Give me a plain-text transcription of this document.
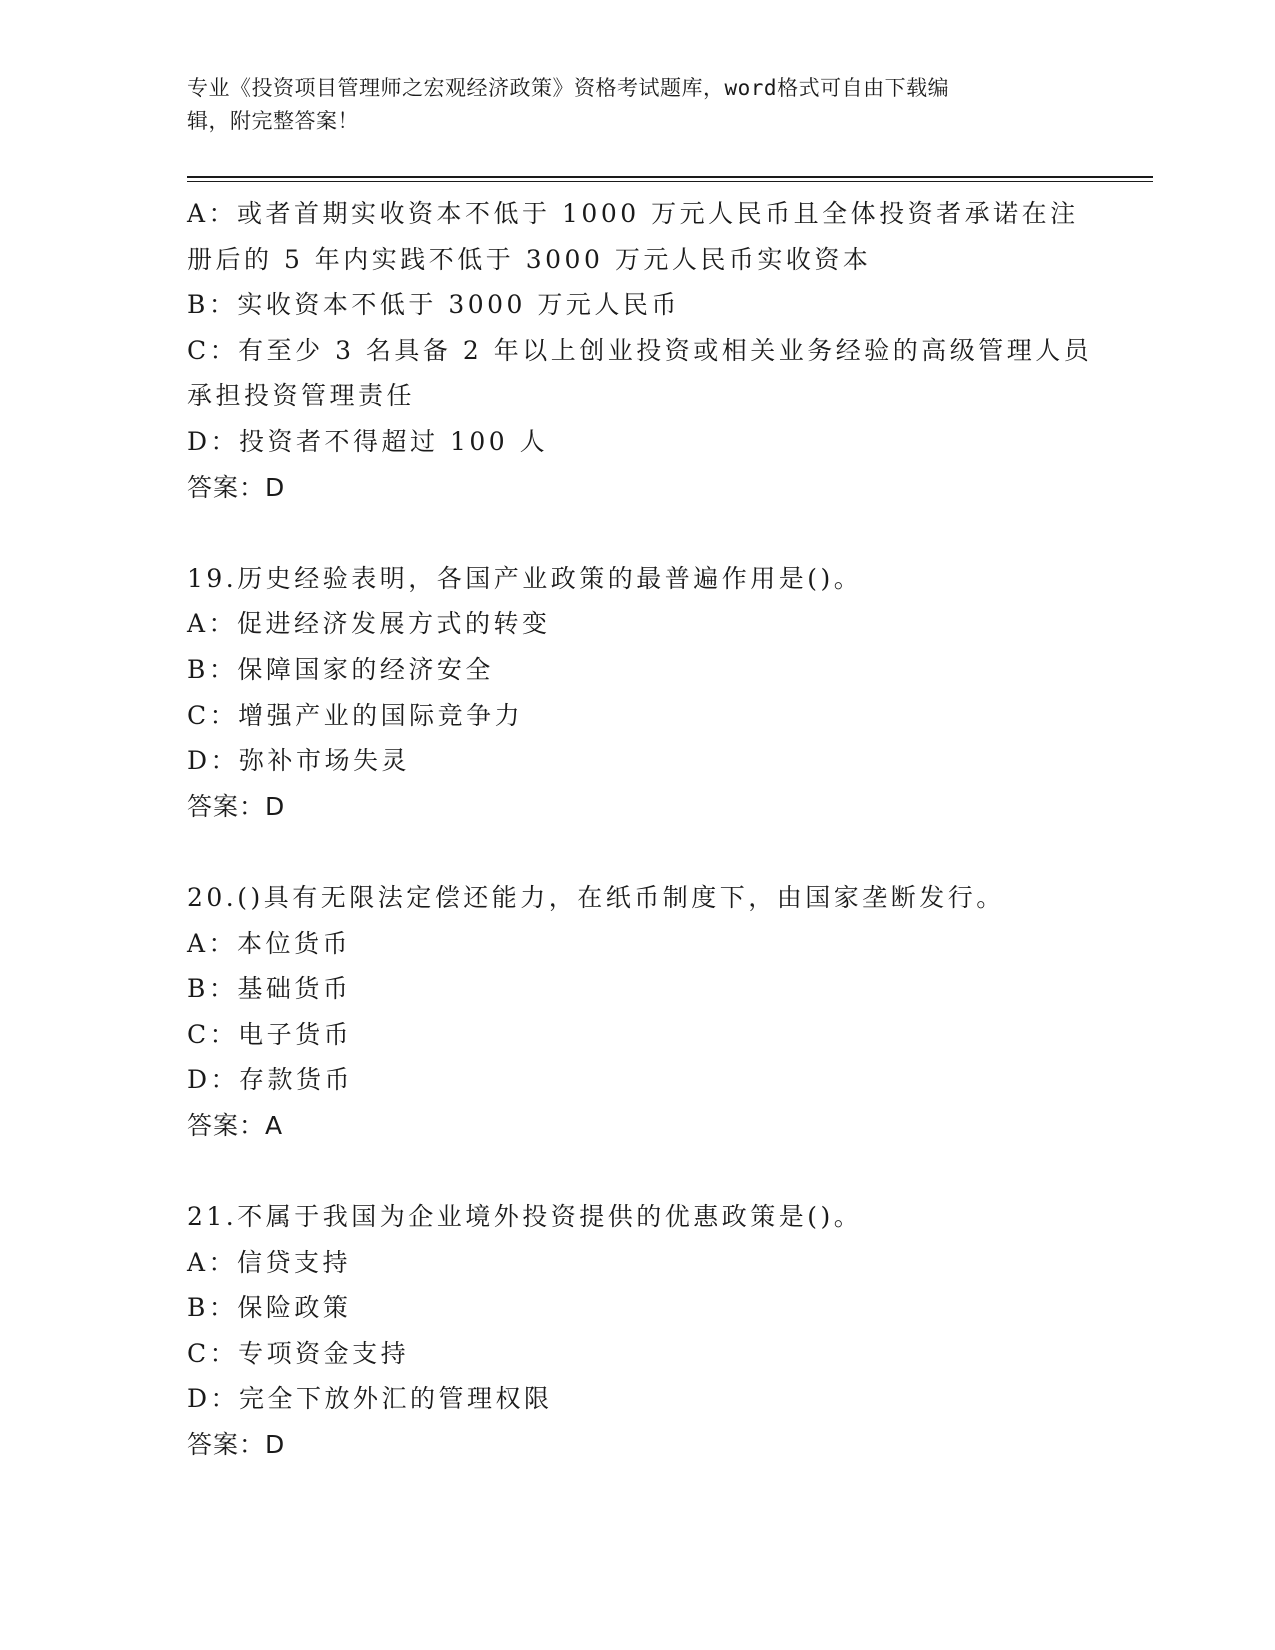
专业《投资项目管理师之宏观经济政策》资格考试题库，word格式可自由下载编
辑，附完整答案！
A：或者首期实收资本不低于 1000 万元人民币且全体投资者承诺在注
册后的 5 年内实践不低于 3000 万元人民币实收资本
B：实收资本不低于 3000 万元人民币
C：有至少 3 名具备 2 年以上创业投资或相关业务经验的高级管理人员
承担投资管理责任
D：投资者不得超过 100 人
答案：D
19.历史经验表明，各国产业政策的最普遍作用是()。
A：促进经济发展方式的转变
B：保障国家的经济安全
C：增强产业的国际竞争力
D：弥补市场失灵
答案：D
20.()具有无限法定偿还能力，在纸币制度下，由国家垄断发行。
A：本位货币
B：基础货币
C：电子货币
D：存款货币
答案：A
21.不属于我国为企业境外投资提供的优惠政策是()。
A：信贷支持
B：保险政策
C：专项资金支持
D：完全下放外汇的管理权限
答案：D
